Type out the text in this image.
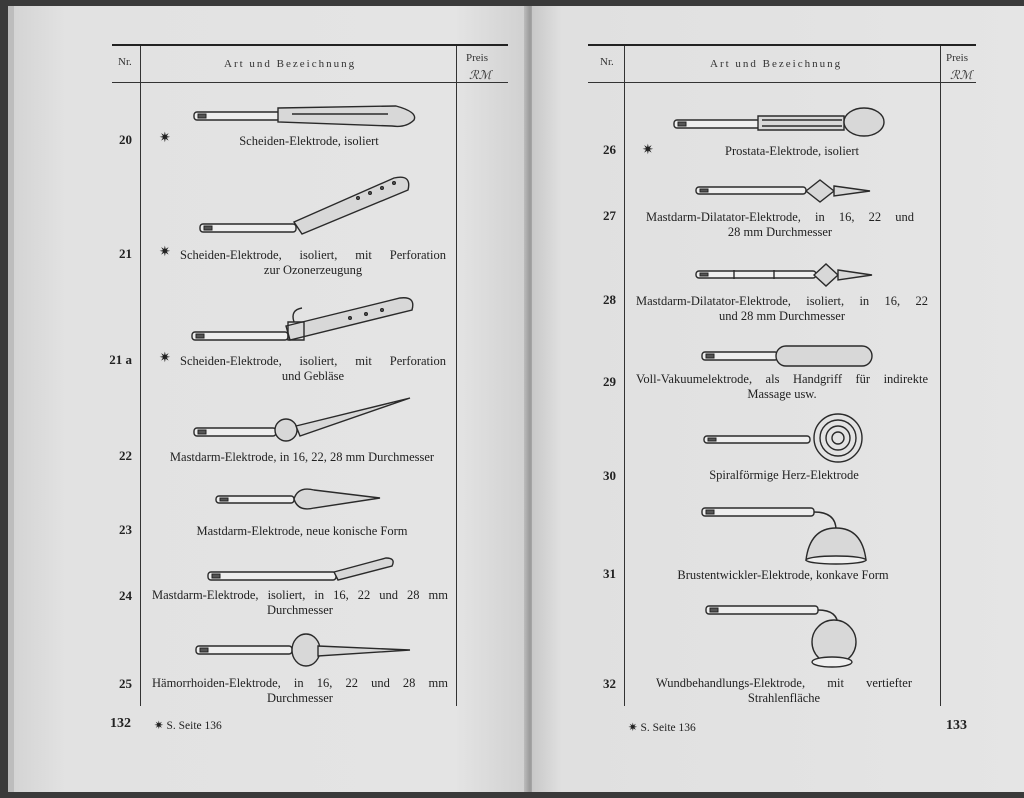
Nr.	Art und Bezeichnung	Preis
ℛℳ
20 ✷	Scheiden-Elektrode, isoliert
21 ✷ Scheiden-Elektrode, isoliert, mit Perforation
zur Ozonerzeugung
21 a ✷ Scheiden-Elektrode, isoliert, mit Perforation
und Gebläse
22	Mastdarm-Elektrode, in 16, 22, 28 mm Durchmesser
23	Mastdarm-Elektrode, neue konische Form
24 Mastdarm-Elektrode, isoliert, in 16, 22 und 28 mm
Durchmesser
25 Hämorrhoiden-Elektrode, in 16, 22 und 28 mm
Durchmesser
132 ✷ S. Seite 136
Nr.	Art und Bezeichnung	Preis
ℛℳ
26 ✷	Prostata-Elektrode, isoliert
27 Mastdarm-Dilatator-Elektrode, in 16, 22 und
28 mm Durchmesser
28 Mastdarm-Dilatator-Elektrode, isoliert, in 16, 22
und 28 mm Durchmesser
29 Voll-Vakuumelektrode, als Handgriff für indirekte
Massage usw.
30	Spiralförmige Herz-Elektrode
31	Brustentwickler-Elektrode, konkave Form
32	Wundbehandlungs-Elektrode, mit vertiefter
Strahlenfläche
✷ S. Seite 136	133
